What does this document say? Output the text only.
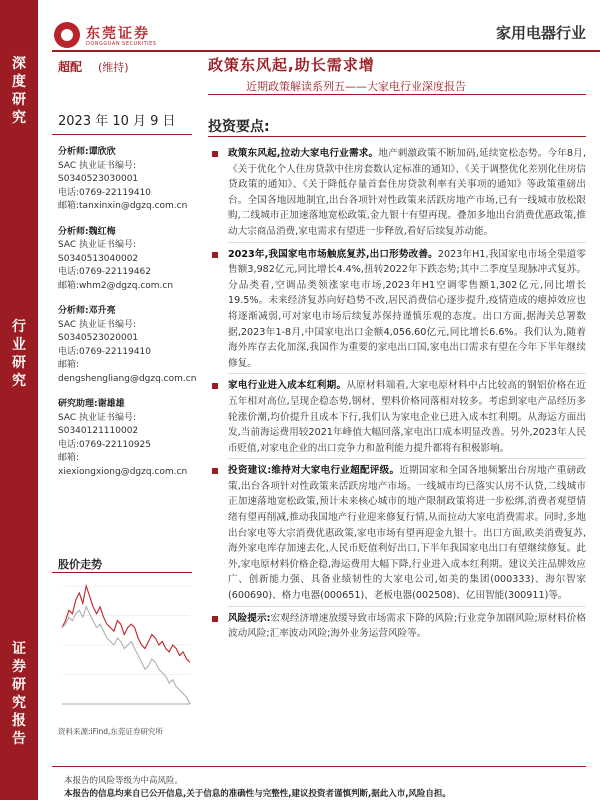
深度研究
行业研究
证券研究报告
东莞证券
DONGGUAN SECURITIES
家用电器行业
超配 (维持)	政策东风起,助长需求增
近期政策解读系列五——大家电行业深度报告
2023 年 10 月 9 日
分析师:谭欣欣
SAC 执业证书编号:
S0340523030001
电话:0769-22119410
邮箱:tanxinxin@dgzq.com.cn
分析师:魏红梅
SAC 执业证书编号:
S0340513040002
电话:0769-22119462
邮箱:whm2@dgzq.com.cn
分析师:邓升亮
SAC 执业证书编号:
S0340523020001
电话:0769-22119410
邮箱:
dengshengliang@dgzq.com.cn
研究助理:谢雄雄
SAC 执业证书编号:
S0340121110002
电话:0769-22110925
邮箱:
xiexiongxiong@dgzq.com.cn
股价走势
资料来源:iFind,东莞证券研究所
投资要点:
政策东风起,拉动大家电行业需求。地产刺激政策不断加码,延续宽松态势。今年8月,《关于优化个人住房贷款中住房套数认定标准的通知》、《关于调整优化差别化住房信贷政策的通知》、《关于降低存量首套住房贷款利率有关事项的通知》等政策重磅出台。全国各地因地制宜,出台各项针对性政策来活跃房地产市场,已有一线城市放松限购,二线城市正加速落地宽松政策,金九银十有望再现。叠加多地出台消费优惠政策,推动大宗商品消费,家电需求有望进一步释放,看好后续复苏动能。
2023年,我国家电市场触底复苏,出口形势改善。2023年H1,我国家电市场全渠道零售额3,982亿元,同比增长4.4%,扭转2022年下跌态势;其中二季度呈现脉冲式复苏。分品类看,空调品类领涨家电市场,2023年H1空调零售额1,302亿元,同比增长19.5%。未来经济复苏向好趋势不改,居民消费信心逐步提升,疫情造成的瘪掉效应也将逐渐减弱,可对家电市场后续复苏保持谨慎乐观的态度。出口方面,据海关总署数据,2023年1-8月,中国家电出口金额4,056.60亿元,同比增长6.6%。我们认为,随着海外库存去化加深,我国作为重要的家电出口国,家电出口需求有望在今年下半年继续修复。
家电行业进入成本红利期。从原材料端看,大家电原材料中占比较高的钢铝价格在近五年相对高位,呈现企稳态势,钢材、塑料价格同落相对较多。考虑到家电产品经历多轮涨价潮,均价提升且成本下行,我们认为家电企业已进入成本红利期。从海运方面出发,当前海运费用较2021年峰值大幅回落,家电出口成本明显改善。另外,2023年人民币贬值,对家电企业的出口竞争力和盈利能力提升都将有积极影响。
投资建议:维持对大家电行业超配评级。近期国家和全国各地频繁出台房地产重磅政策,出台各项针对性政策来活跃房地产市场。一线城市均已落实认房不认贷,二线城市正加速落地宽松政策,预计未来核心城市的地产限制政策将进一步松绑,消费者观望情绪有望再削减,推动我国地产行业迎来修复行情,从而拉动大家电消费需求。同时,多地出台家电等大宗消费优惠政策,家电市场有望再迎金九银十。出口方面,欧美消费复苏,海外家电库存加速去化,人民币贬值利好出口,下半年我国家电出口有望继续修复。此外,家电原材料价格企稳,海运费用大幅下降,行业进入成本红利期。建议关注品牌效应广、创新能力强、具备业绩韧性的大家电公司,如美的集团(000333)、海尔智家(600690)、格力电器(000651)、老板电器(002508)、亿田智能(300911)等。
风险提示:宏观经济增速放缓导致市场需求下降的风险;行业竞争加剧风险;原材料价格波动风险;汇率波动风险;海外业务运营风险等。
本报告的风险等级为中高风险。
本报告的信息均来自已公开信息,关于信息的准确性与完整性,建议投资者谨慎判断,据此入市,风险自担。
